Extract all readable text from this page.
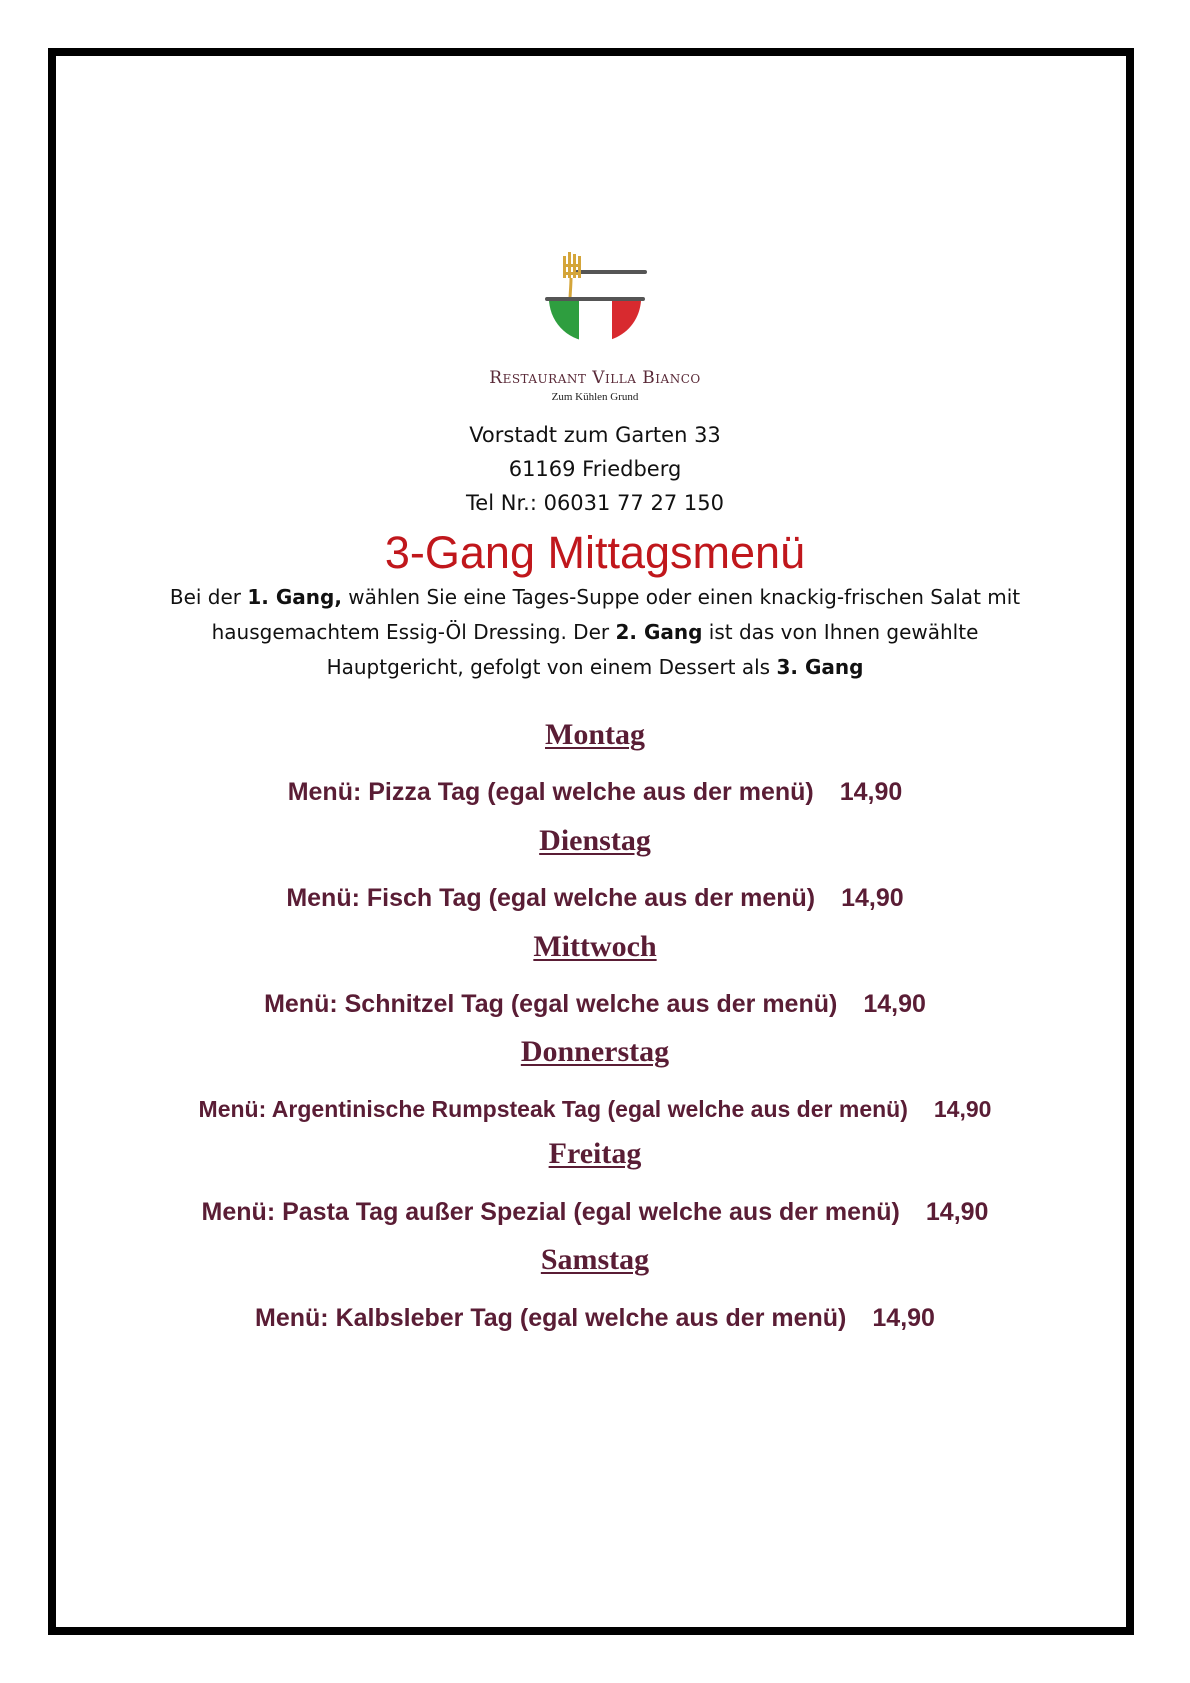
Restaurant Villa Bianco
Zum Kühlen Grund
Vorstadt zum Garten 33
61169 Friedberg
Tel Nr.: 06031 77 27 150
3-Gang Mittagsmenü
Bei der 1. Gang, wählen Sie eine Tages-Suppe oder einen knackig-frischen Salat mit hausgemachtem Essig-Öl Dressing. Der 2. Gang ist das von Ihnen gewählte Hauptgericht, gefolgt von einem Dessert als 3. Gang
Montag
Menü: Pizza Tag (egal welche aus der menü) 14,90
Dienstag
Menü: Fisch Tag (egal welche aus der menü) 14,90
Mittwoch
Menü: Schnitzel Tag (egal welche aus der menü) 14,90
Donnerstag
Menü: Argentinische Rumpsteak Tag (egal welche aus der menü) 14,90
Freitag
Menü: Pasta Tag außer Spezial (egal welche aus der menü) 14,90
Samstag
Menü: Kalbsleber Tag (egal welche aus der menü) 14,90
